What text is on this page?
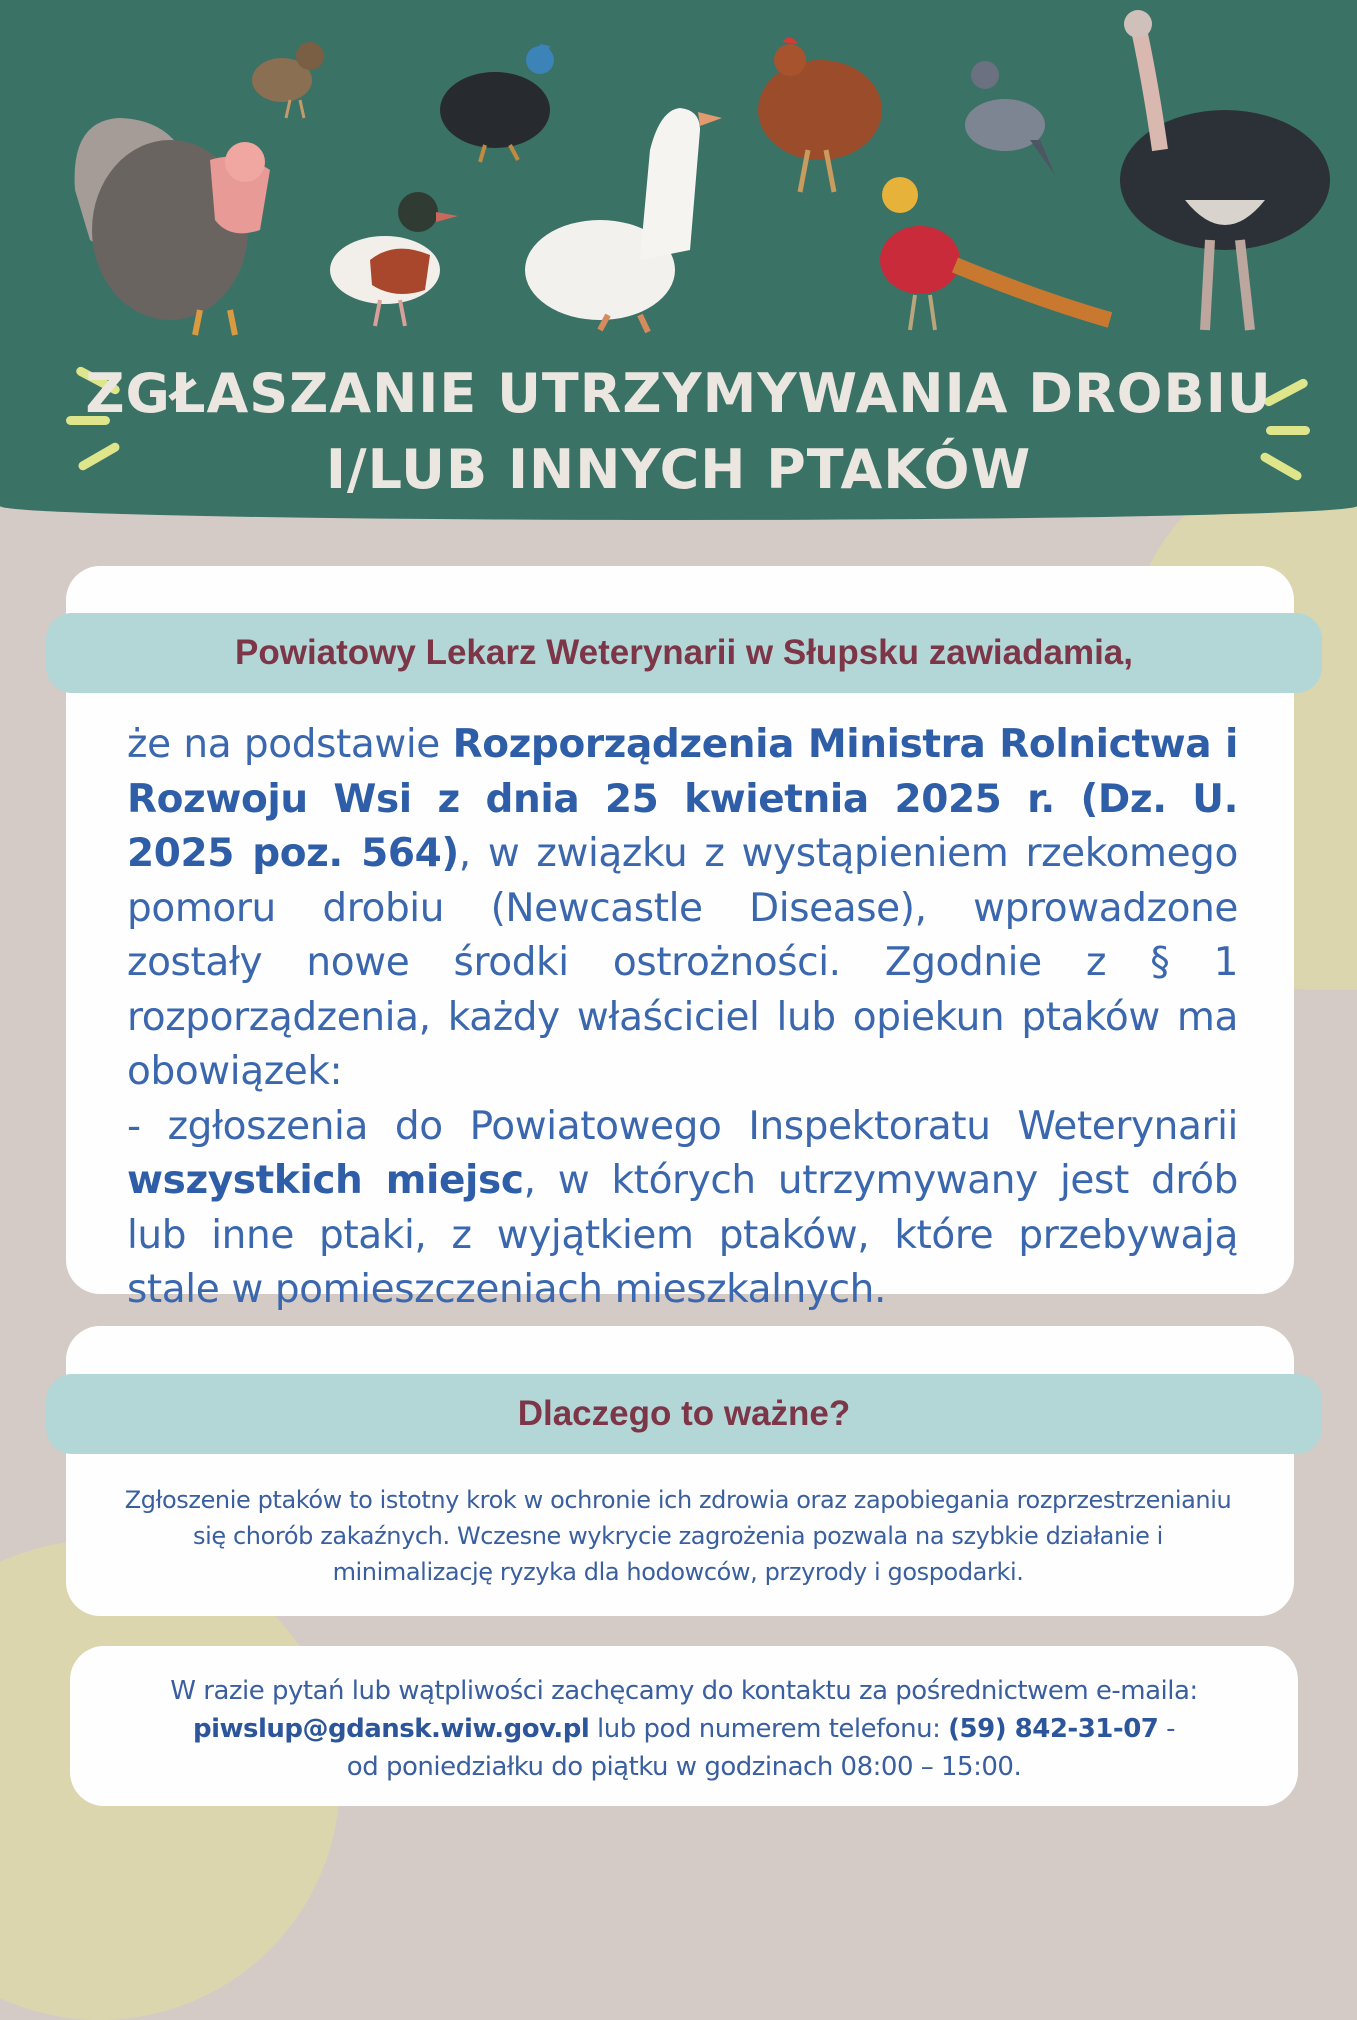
ZGŁASZANIE UTRZYMYWANIA DROBIU
I/LUB INNYCH PTAKÓW
Powiatowy Lekarz Weterynarii w Słupsku zawiadamia,

że na podstawie Rozporządzenia Ministra Rolnictwa i Rozwoju Wsi z dnia 25 kwietnia 2025 r. (Dz. U. 2025 poz. 564), w związku z wystąpieniem rzekomego pomoru drobiu (Newcastle Disease), wprowadzone zostały nowe środki ostrożności. Zgodnie z § 1 rozporządzenia, każdy właściciel lub opiekun ptaków ma obowiązek:

- zgłoszenia do Powiatowego Inspektoratu Weterynarii wszystkich miejsc, w których utrzymywany jest drób lub inne ptaki, z wyjątkiem ptaków, które przebywają stale w pomieszczeniach mieszkalnych.

Dlaczego to ważne?
Zgłoszenie ptaków to istotny krok w ochronie ich zdrowia oraz zapobiegania rozprzestrzenianiu się chorób zakaźnych. Wczesne wykrycie zagrożenia pozwala na szybkie działanie i minimalizację ryzyka dla hodowców, przyrody i gospodarki.
W razie pytań lub wątpliwości zachęcamy do kontaktu za pośrednictwem e-maila:
piwslup@gdansk.wiw.gov.pl lub pod numerem telefonu: (59) 842-31-07 -
od poniedziałku do piątku w godzinach 08:00 – 15:00.
